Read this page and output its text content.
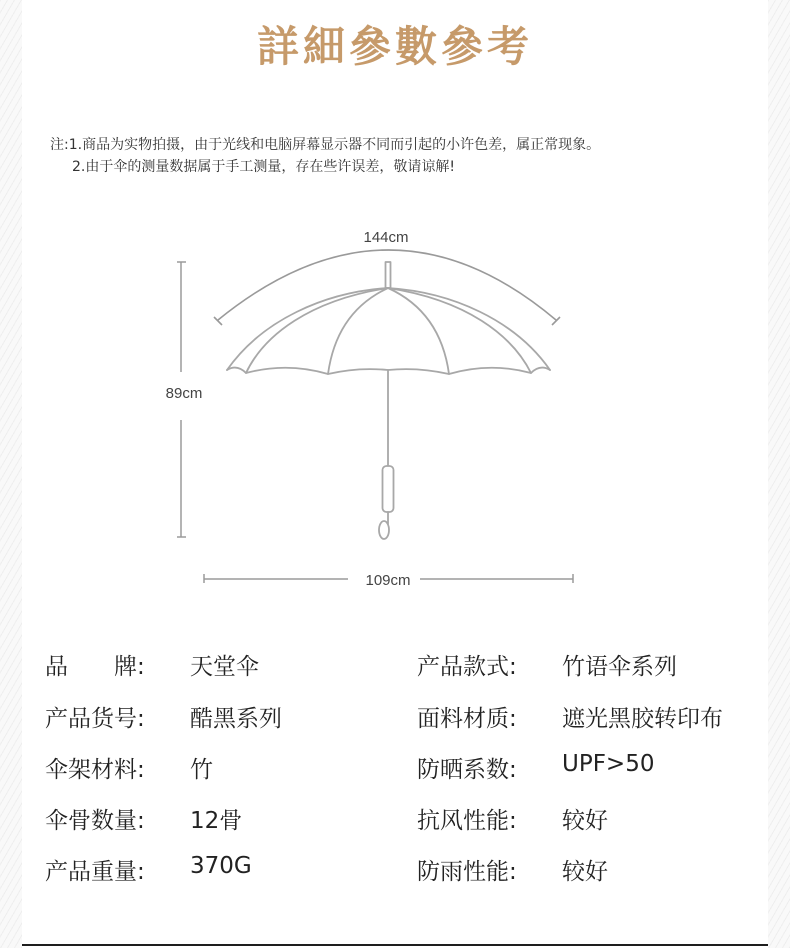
詳細參數參考
注:1.商品为实物拍摄，由于光线和电脑屏幕显示器不同而引起的小许色差，属正常现象。
2.由于伞的测量数据属于手工测量，存在些许误差，敬请谅解!
144cm
89cm
109cm
品　　牌: 天堂伞
产品货号: 酷黑系列
伞架材料: 竹
伞骨数量: 12骨
产品重量: 370G
产品款式: 竹语伞系列
面料材质: 遮光黑胶转印布
防晒系数: UPF>50
抗风性能: 较好
防雨性能: 较好
